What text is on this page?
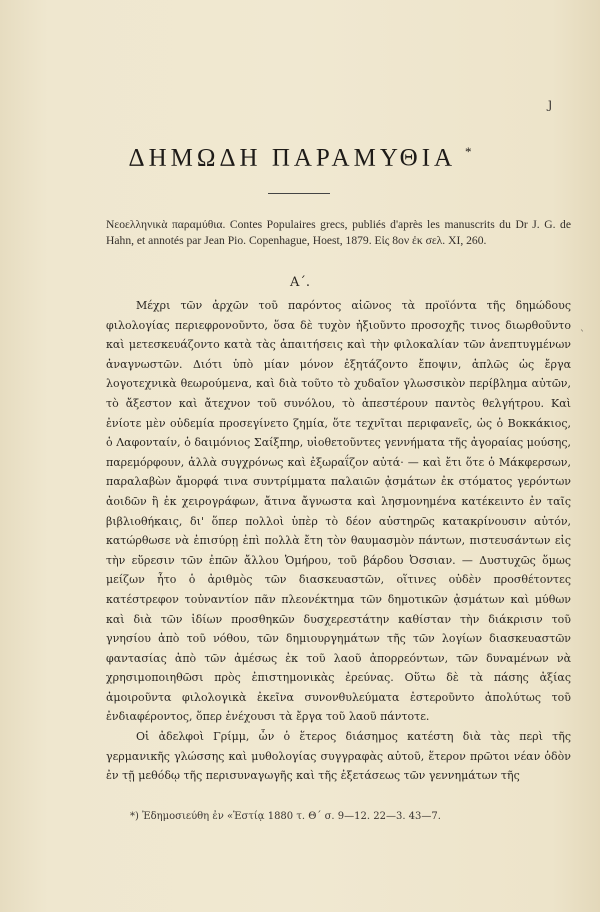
ȷ
ΔΗΜΩΔΗ ΠΑΡΑΜΥΘΙΑ *
Νεοελληνικὰ παραμύθια. Contes Populaires grecs, publiés d'après les manuscrits du Dr J. G. de Hahn, et annotés par Jean Pio. Copenhague, Hoest, 1879. Εἰς 8ον ἐκ σελ. XI, 260.
Α΄.
`

Μέχρι τῶν ἀρχῶν τοῦ παρόντος αἰῶνος τὰ προϊόντα τῆς δημώδους φιλολογίας περιεφρονοῦντο, ὅσα δὲ τυχὸν ἠξιοῦντο προσοχῆς τινος διωρθοῦντο καὶ μετεσκευάζοντο κατὰ τὰς ἀπαιτήσεις καὶ τὴν φιλοκαλίαν τῶν ἀνεπτυγμένων ἀναγνωστῶν. Διότι ὑπὸ μίαν μόνον ἐξητάζοντο ἔποψιν, ἁπλῶς ὡς ἔργα λογοτεχνικὰ θεωρούμενα, καὶ διὰ τοῦτο τὸ χυδαῖον γλωσσικὸν περίβλημα αὐτῶν, τὸ ἄξεστον καὶ ἄτεχνον τοῦ συνόλου, τὸ ἀπεστέρουν παντὸς θελγήτρου. Καὶ ἐνίοτε μὲν οὐδεμία προσεγίνετο ζημία, ὅτε τεχνῖται περιφανεῖς, ὡς ὁ Βοκκάκιος, ὁ Λαφονταίν, ὁ δαιμόνιος Σαίξπηρ, υἱοθετοῦντες γεννήματα τῆς ἀγοραίας μούσης, παρεμόρφουν, ἀλλὰ συγχρόνως καὶ ἐξωραΐζον αὐτά· — καὶ ἔτι ὅτε ὁ Μάκφερσων, παραλαβὼν ἄμορφά τινα συντρίμματα παλαιῶν ᾀσμάτων ἐκ στόματος γερόντων ἀοιδῶν ἢ ἐκ χειρογράφων, ἄτινα ἄγνωστα καὶ λησμονημένα κατέκειντο ἐν ταῖς βιβλιοθήκαις, δι' ὅπερ πολλοὶ ὑπὲρ τὸ δέον αὐστηρῶς κατακρίνουσιν αὐτόν, κατώρθωσε νὰ ἐπισύρῃ ἐπὶ πολλὰ ἔτη τὸν θαυμασμὸν πάντων, πιστευσάντων εἰς τὴν εὕρεσιν τῶν ἐπῶν ἄλλου Ὁμήρου, τοῦ βάρδου Ὀσσιαν. — Δυστυχῶς ὅμως μείζων ἦτο ὁ ἀριθμὸς τῶν διασκευαστῶν, οἵτινες οὐδὲν προσθέτοντες κατέστρεφον τοὐναντίον πᾶν πλεονέκτημα τῶν δημοτικῶν ᾀσμάτων καὶ μύθων καὶ διὰ τῶν ἰδίων προσθηκῶν δυσχερεστάτην καθίσταν τὴν διάκρισιν τοῦ γνησίου ἀπὸ τοῦ νόθου, τῶν δημιουργημάτων τῆς τῶν λογίων διασκευαστῶν φαντασίας ἀπὸ τῶν ἀμέσως ἐκ τοῦ λαοῦ ἀπορρεόντων, τῶν δυναμένων νὰ χρησιμοποιηθῶσι πρὸς ἐπιστημονικὰς ἐρεύνας. Οὕτω δὲ τὰ πάσης ἀξίας ἀμοιροῦντα φιλολογικὰ ἐκεῖνα συνονθυλεύματα ἐστεροῦντο ἀπολύτως τοῦ ἐνδιαφέροντος, ὅπερ ἐνέχουσι τὰ ἔργα τοῦ λαοῦ πάντοτε.

Οἱ ἀδελφοὶ Γρίμμ, ὧν ὁ ἕτερος διάσημος κατέστη διὰ τὰς περὶ τῆς γερμανικῆς γλώσσης καὶ μυθολογίας συγγραφὰς αὐτοῦ, ἕτερον πρῶτοι νέαν ὁδὸν ἐν τῇ μεθόδῳ τῆς περισυναγωγῆς καὶ τῆς ἐξετάσεως τῶν γεννημάτων τῆς

*) Ἐδημοσιεύθη ἐν «Ἑστίᾳ 1880 τ. Θ΄ σ. 9—12. 22—3. 43—7.
